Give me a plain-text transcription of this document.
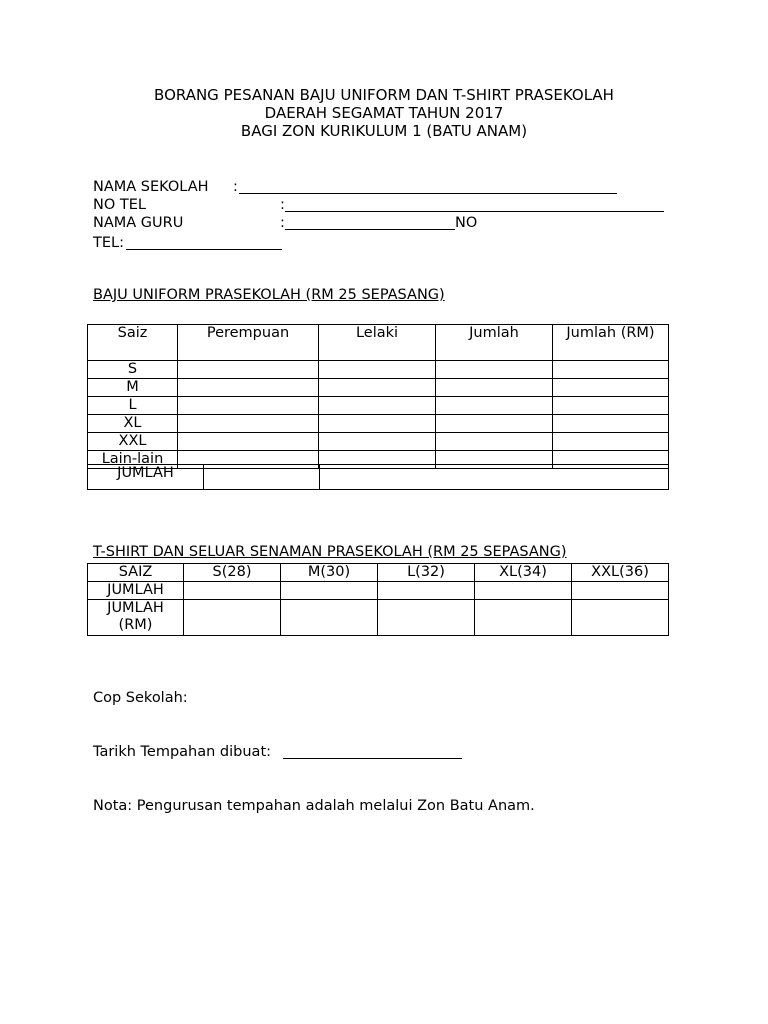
BORANG PESANAN BAJU UNIFORM DAN T-SHIRT PRASEKOLAH
DAERAH SEGAMAT TAHUN 2017
BAGI ZON KURIKULUM 1 (BATU ANAM)
NAMA SEKOLAH :
NO TEL	:
NAMA GURU	:	NO
TEL:
BAJU UNIFORM PRASEKOLAH (RM 25 SEPASANG)
Saiz	Perempuan	Lelaki	Jumlah	Jumlah (RM)
S				
M				
L				
XL				
XXL				
Lain-lain				
JUMLAH		
T-SHIRT DAN SELUAR SENAMAN PRASEKOLAH (RM 25 SEPASANG)
SAIZ	S(28)	M(30)	L(32)	XL(34)	XXL(36)
JUMLAH					
JUMLAH (RM)					
Cop Sekolah:
Tarikh Tempahan dibuat:
Nota: Pengurusan tempahan adalah melalui Zon Batu Anam.
